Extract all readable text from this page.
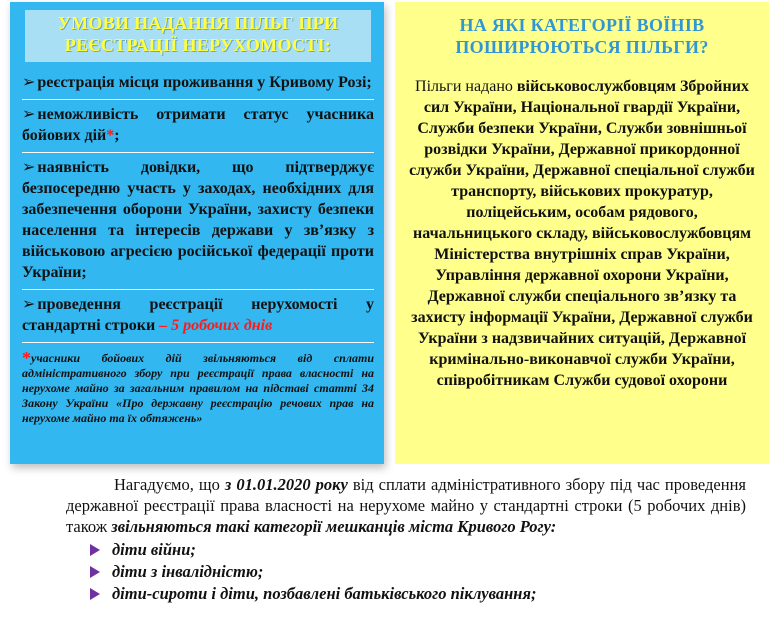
УМОВИ НАДАННЯ ПІЛЬГ ПРИ РЕЄСТРАЦІЇ НЕРУХОМОСТІ:
➢ реєстрація місця проживання у Кривому Розі;
➢ неможливість отримати статус учасника бойових дій*;
➢ наявність довідки, що підтверджує безпосередню участь у заходах, необхідних для забезпечення оборони України, захисту безпеки населення та інтересів держави у зв’язку з військовою агресією російської федерації проти України;
➢ проведення реєстрації нерухомості у стандартні строки – 5 робочих днів
*учасники бойових дій звільняються від сплати адміністративного збору при реєстрації права власності на нерухоме майно за загальним правилом на підставі статті 34 Закону України «Про державну реєстрацію речових прав на нерухоме майно та їх обтяжень»
НА ЯКІ КАТЕГОРІЇ ВОЇНІВ ПОШИРЮЮТЬСЯ ПІЛЬГИ?
Пільги надано військовослужбовцям Збройних сил України, Національної гвардії України, Служби безпеки України, Служби зовнішньої розвідки України, Державної прикордонної служби України, Державної спеціальної служби транспорту, військових прокуратур, поліцейським, особам рядового, начальницького складу, військовослужбовцям Міністерства внутрішніх справ України, Управління державної охорони України, Державної служби спеціального зв’язку та захисту інформації України, Державної служби України з надзвичайних ситуацій, Державної кримінально-виконавчої служби України, співробітникам Служби судової охорони

Нагадуємо, що з 01.01.2020 року від сплати адміністративного збору під час проведення державної реєстрації права власності на нерухоме майно у стандартні строки (5 робочих днів) також звільняються такі категорії мешканців міста Кривого Рогу:

діти війни;
діти з інвалідністю;
діти-сироти і діти, позбавлені батьківського піклування;
